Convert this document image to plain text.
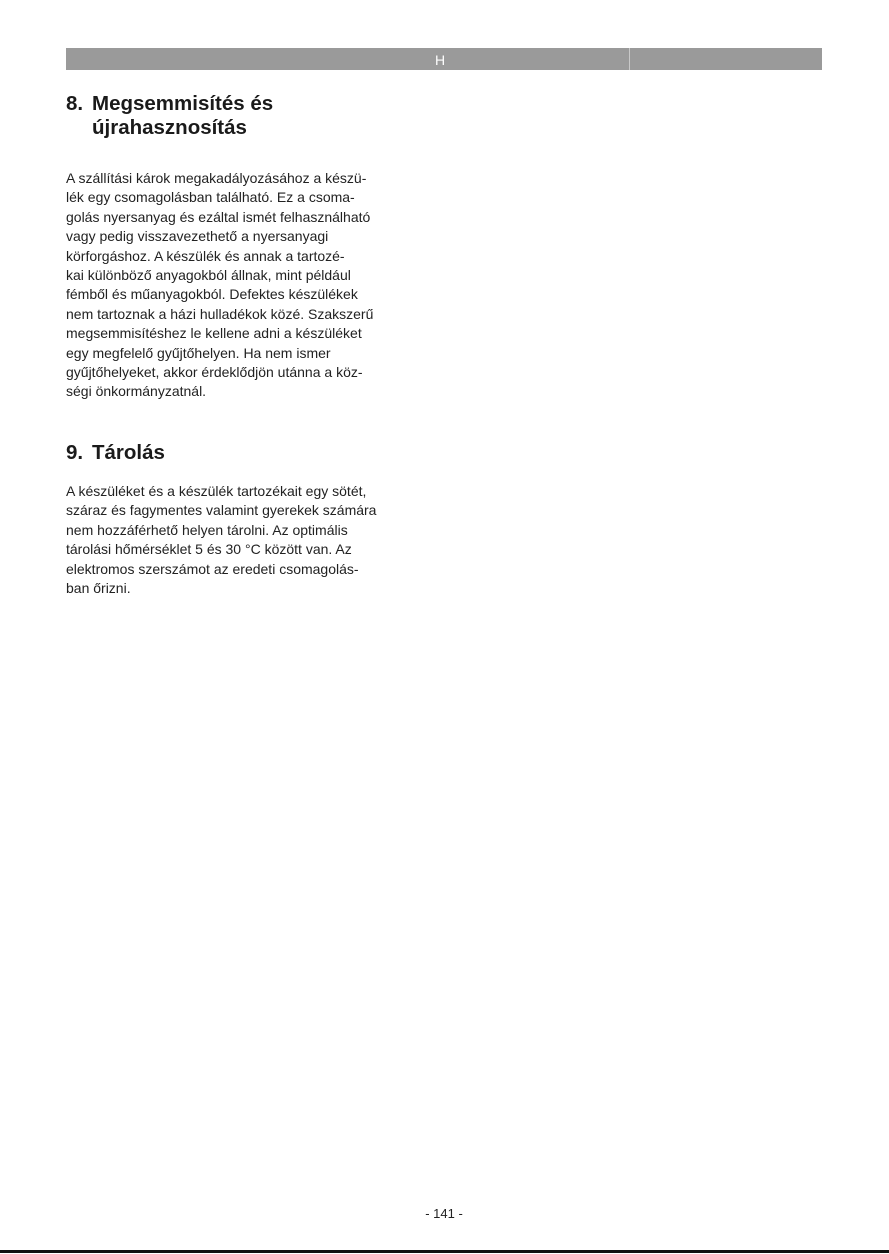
H
8. Megsemmisítés és
újrahasznosítás

A szállítási károk megakadályozásához a készü-
lék egy csomagolásban található. Ez a csoma-
golás nyersanyag és ezáltal ismét felhasználható
vagy pedig visszavezethető a nyersanyagi
körforgáshoz. A készülék és annak a tartozé-
kai különböző anyagokból állnak, mint például
fémből és műanyagokból. Defektes készülékek
nem tartoznak a házi hulladékok közé. Szakszerű
megsemmisítéshez le kellene adni a készüléket
egy megfelelő gyűjtőhelyen. Ha nem ismer
gyűjtőhelyeket, akkor érdeklődjön utánna a köz-
ségi önkormányzatnál.

9. Tárolás

A készüléket és a készülék tartozékait egy sötét,
száraz és fagymentes valamint gyerekek számára
nem hozzáférhető helyen tárolni. Az optimális
tárolási hőmérséklet 5 és 30 °C között van. Az
elektromos szerszámot az eredeti csomagolás-
ban őrizni.

- 141 -
